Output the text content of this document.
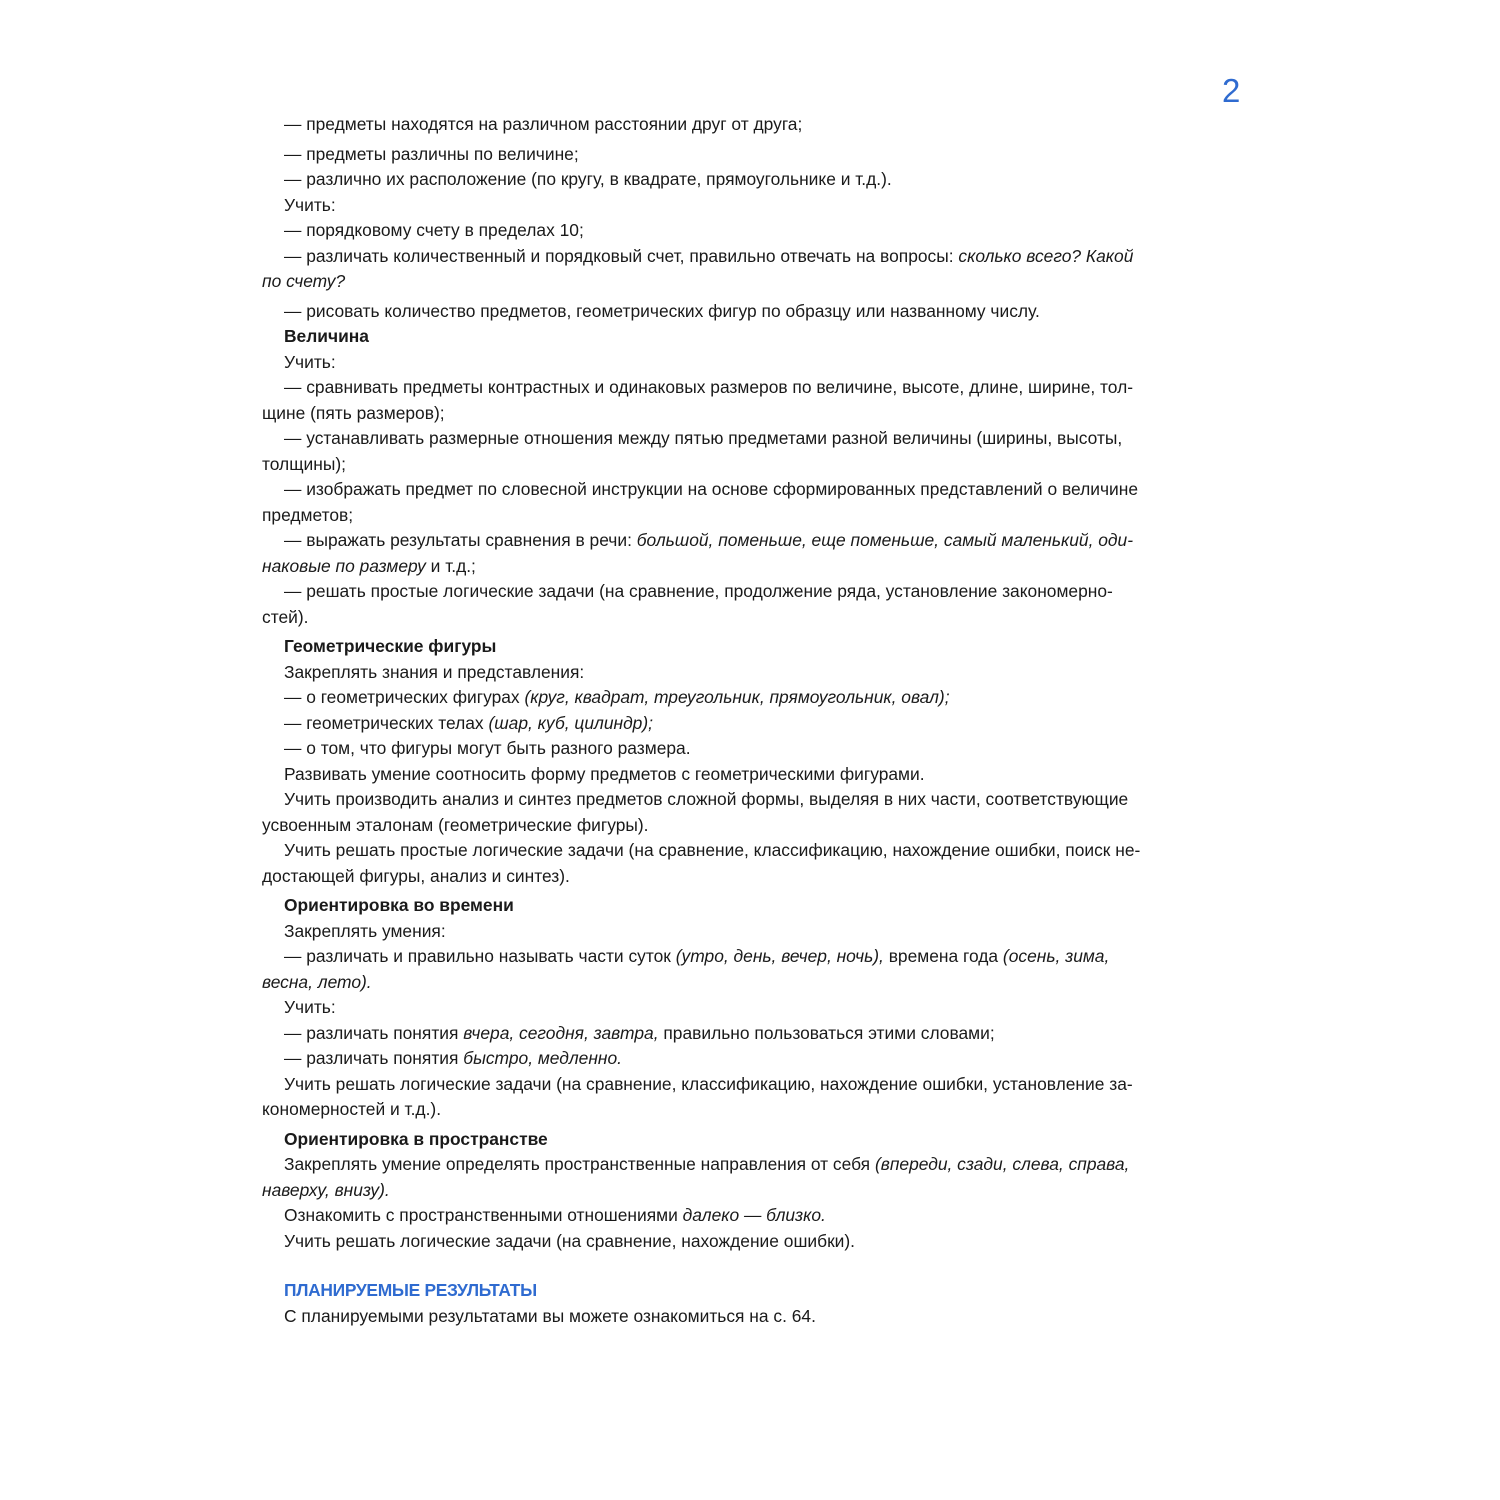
2
— предметы находятся на различном расстоянии друг от друга;
— предметы различны по величине;
— различно их расположение (по кругу, в квадрате, прямоугольнике и т.д.).
Учить:
— порядковому счету в пределах 10;
— различать количественный и порядковый счет, правильно отвечать на вопросы: сколько всего? Какой
по счету?
— рисовать количество предметов, геометрических фигур по образцу или названному числу.
Величина
Учить:
— сравнивать предметы контрастных и одинаковых размеров по величине, высоте, длине, ширине, тол-
щине (пять размеров);
— устанавливать размерные отношения между пятью предметами разной величины (ширины, высоты,
толщины);
— изображать предмет по словесной инструкции на основе сформированных представлений о величине
предметов;
— выражать результаты сравнения в речи: большой, поменьше, еще поменьше, самый маленький, оди-
наковые по размеру и т.д.;
— решать простые логические задачи (на сравнение, продолжение ряда, установление закономерно-
стей).
Геометрические фигуры
Закреплять знания и представления:
— о геометрических фигурах (круг, квадрат, треугольник, прямоугольник, овал);
— геометрических телах (шар, куб, цилиндр);
— о том, что фигуры могут быть разного размера.
Развивать умение соотносить форму предметов с геометрическими фигурами.
Учить производить анализ и синтез предметов сложной формы, выделяя в них части, соответствующие
усвоенным эталонам (геометрические фигуры).
Учить решать простые логические задачи (на сравнение, классификацию, нахождение ошибки, поиск не-
достающей фигуры, анализ и синтез).
Ориентировка во времени
Закреплять умения:
— различать и правильно называть части суток (утро, день, вечер, ночь), времена года (осень, зима,
весна, лето).
Учить:
— различать понятия вчера, сегодня, завтра, правильно пользоваться этими словами;
— различать понятия быстро, медленно.
Учить решать логические задачи (на сравнение, классификацию, нахождение ошибки, установление за-
кономерностей и т.д.).
Ориентировка в пространстве
Закреплять умение определять пространственные направления от себя (впереди, сзади, слева, справа,
наверху, внизу).
Ознакомить с пространственными отношениями далеко — близко.
Учить решать логические задачи (на сравнение, нахождение ошибки).
ПЛАНИРУЕМЫЕ РЕЗУЛЬТАТЫ
С планируемыми результатами вы можете ознакомиться на с. 64.
